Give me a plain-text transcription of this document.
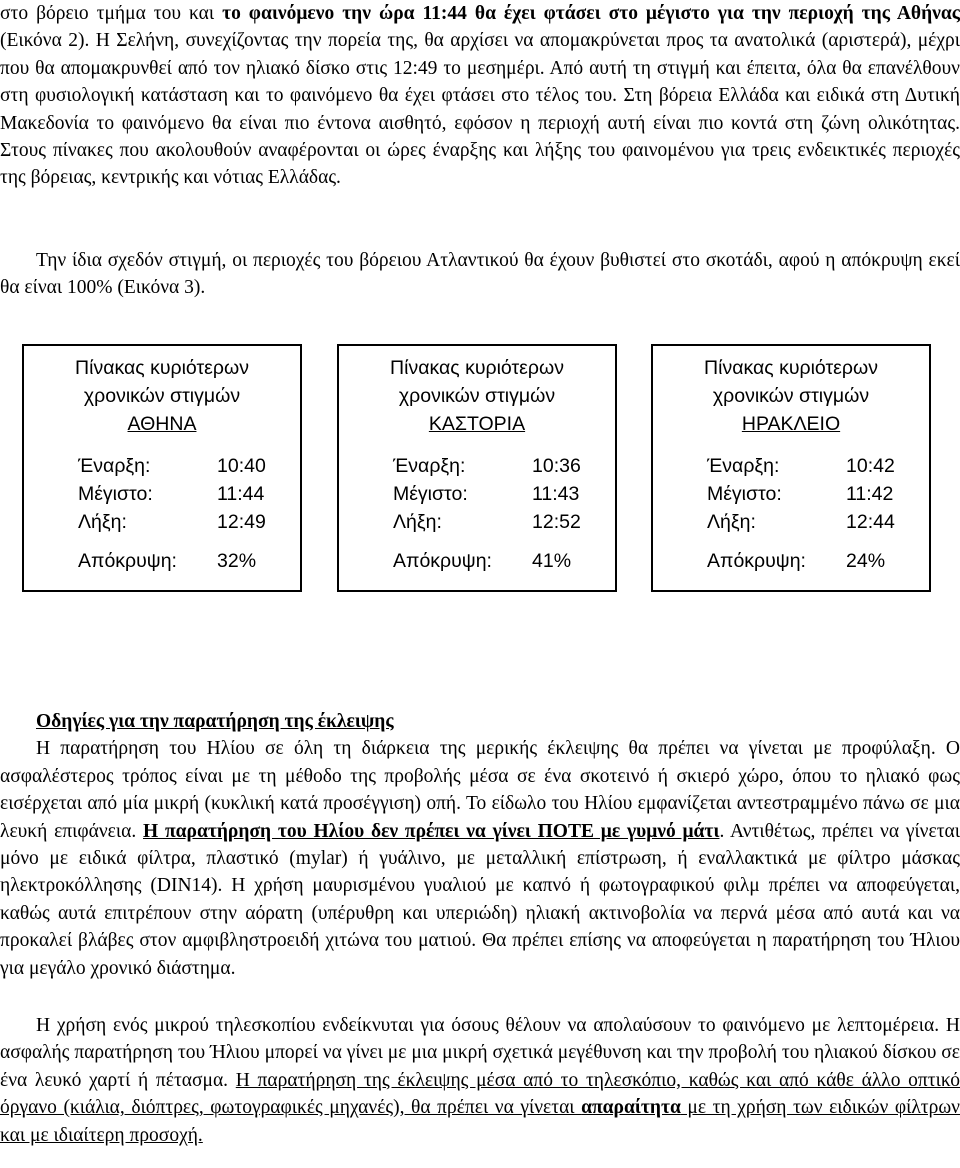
στο βόρειο τμήμα του και το φαινόμενο την ώρα 11:44 θα έχει φτάσει στο μέγιστο για την περιοχή της Αθήνας (Εικόνα 2). Η Σελήνη, συνεχίζοντας την πορεία της, θα αρχίσει να απομακρύνεται προς τα ανατολικά (αριστερά), μέχρι που θα απομακρυνθεί από τον ηλιακό δίσκο στις 12:49 το μεσημέρι. Από αυτή τη στιγμή και έπειτα, όλα θα επανέλθουν στη φυσιολογική κατάσταση και το φαινόμενο θα έχει φτάσει στο τέλος του. Στη βόρεια Ελλάδα και ειδικά στη Δυτική Μακεδονία το φαινόμενο θα είναι πιο έντονα αισθητό, εφόσον η περιοχή αυτή είναι πιο κοντά στη ζώνη ολικότητας. Στους πίνακες που ακολουθούν αναφέρονται οι ώρες έναρξης και λήξης του φαινομένου για τρεις ενδεικτικές περιοχές της βόρειας, κεντρικής και νότιας Ελλάδας.

Την ίδια σχεδόν στιγμή, οι περιοχές του βόρειου Ατλαντικού θα έχουν βυθιστεί στο σκοτάδι, αφού η απόκρυψη εκεί θα είναι 100% (Εικόνα 3).

Πίνακας κυριότερων
χρονικών στιγμών
ΑΘΗΝΑ
Έναρξη:	10:40
Μέγιστο:	11:44
Λήξη:	12:49
Απόκρυψη: 32%
Πίνακας κυριότερων
χρονικών στιγμών
ΚΑΣΤΟΡΙΑ
Έναρξη:	10:36
Μέγιστο:	11:43
Λήξη:	12:52
Απόκρυψη: 41%
Πίνακας κυριότερων
χρονικών στιγμών
ΗΡΑΚΛΕΙΟ
Έναρξη:	10:42
Μέγιστο:	11:42
Λήξη:	12:44
Απόκρυψη: 24%
Οδηγίες για την παρατήρηση της έκλειψης
Η παρατήρηση του Ηλίου σε όλη τη διάρκεια της μερικής έκλειψης θα πρέπει να γίνεται με προφύλαξη. Ο ασφαλέστερος τρόπος είναι με τη μέθοδο της προβολής μέσα σε ένα σκοτεινό ή σκιερό χώρο, όπου το ηλιακό φως εισέρχεται από μία μικρή (κυκλική κατά προσέγγιση) οπή. Το είδωλο του Ηλίου εμφανίζεται αντεστραμμένο πάνω σε μια λευκή επιφάνεια. Η παρατήρηση του Ηλίου δεν πρέπει να γίνει ΠΟΤΕ με γυμνό μάτι. Αντιθέτως, πρέπει να γίνεται μόνο με ειδικά φίλτρα, πλαστικό (mylar) ή γυάλινο, με μεταλλική επίστρωση, ή εναλλακτικά με φίλτρο μάσκας ηλεκτροκόλλησης (DIN14). Η χρήση μαυρισμένου γυαλιού με καπνό ή φωτογραφικού φιλμ πρέπει να αποφεύγεται, καθώς αυτά επιτρέπουν στην αόρατη (υπέρυθρη και υπεριώδη) ηλιακή ακτινοβολία να περνά μέσα από αυτά και να προκαλεί βλάβες στον αμφιβληστροειδή χιτώνα του ματιού. Θα πρέπει επίσης να αποφεύγεται η παρατήρηση του Ήλιου για μεγάλο χρονικό διάστημα.

Η χρήση ενός μικρού τηλεσκοπίου ενδείκνυται για όσους θέλουν να απολαύσουν το φαινόμενο με λεπτομέρεια. Η ασφαλής παρατήρηση του Ήλιου μπορεί να γίνει με μια μικρή σχετικά μεγέθυνση και την προβολή του ηλιακού δίσκου σε ένα λευκό χαρτί ή πέτασμα. Η παρατήρηση της έκλειψης μέσα από το τηλεσκόπιο, καθώς και από κάθε άλλο οπτικό όργανο (κιάλια, διόπτρες, φωτογραφικές μηχανές), θα πρέπει να γίνεται απαραίτητα με τη χρήση των ειδικών φίλτρων και με ιδιαίτερη προσοχή.
